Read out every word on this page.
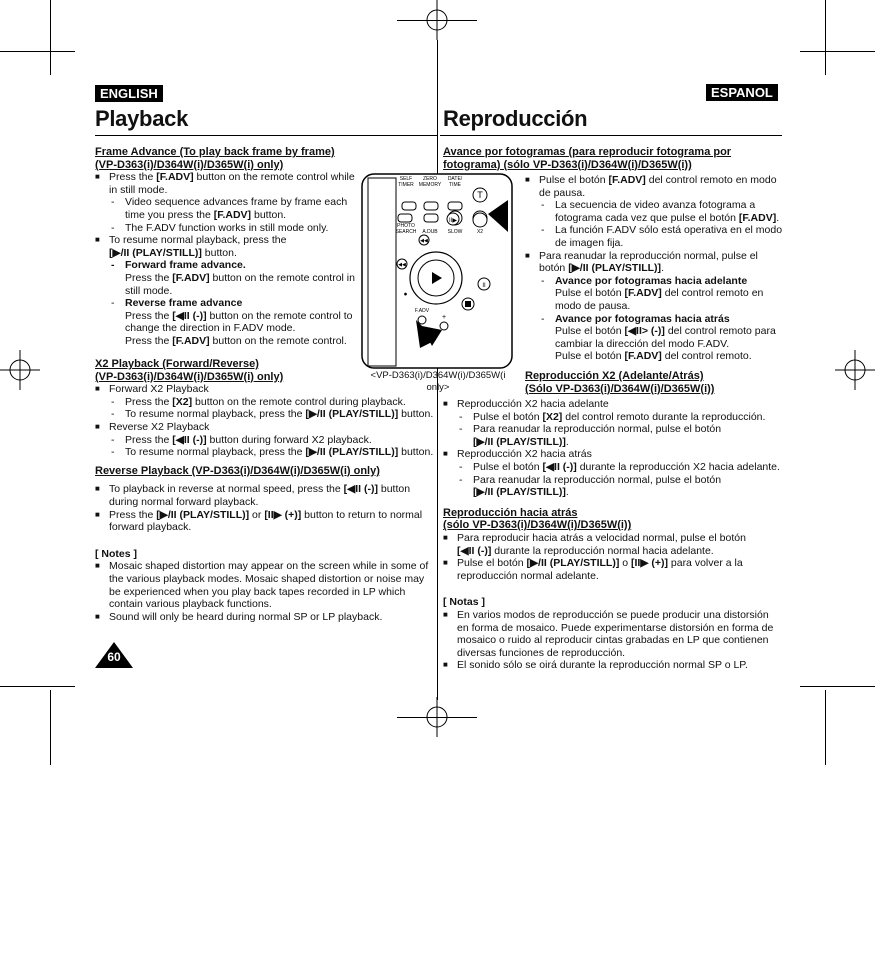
ENGLISH	ESPANOL
Playback	Reproducción
Frame Advance (To play back frame by frame)
(VP-D363(i)/D364W(i)/D365W(i) only)
■ Press the [F.ADV] button on the remote control while in still mode.
- Video sequence advances frame by frame each time you press the [F.ADV] button.
- The F.ADV function works in still mode only.
■ To resume normal playback, press the
[▶/II (PLAY/STILL)] button.
- Forward frame advance.
Press the [F.ADV] button on the remote control in still mode.
- Reverse frame advance
Press the [◀II (-)] button on the remote control to change the direction in F.ADV mode.
Press the [F.ADV] button on the remote control.
T
SELF
TIMER
ZERO
MEMORY
DATE/
TIME
PHOTO
SEARCH A.DUB SLOW	X2
II▶
◀◀
◀◀
II
⏺
F.ADV
+
<VP-D363(i)/D364W(i)/D365W(i only>
X2 Playback (Forward/Reverse)
(VP-D363(i)/D364W(i)/D365W(i) only)
■ Forward X2 Playback
- Press the [X2] button on the remote control during playback.
- To resume normal playback, press the [▶/II (PLAY/STILL)] button.
■ Reverse X2 Playback
- Press the [◀II (-)] button during forward X2 playback.
- To resume normal playback, press the [▶/II (PLAY/STILL)] button.
Reverse Playback (VP-D363(i)/D364W(i)/D365W(i) only)
■ To playback in reverse at normal speed, press the [◀II (-)] button during normal forward playback.
■ Press the [▶/II (PLAY/STILL)] or [II▶ (+)] button to return to normal forward playback.
[ Notes ]
■ Mosaic shaped distortion may appear on the screen while in some of the various playback modes. Mosaic shaped distortion or noise may be experienced when you play back tapes recorded in LP which contain various playback functions.
■ Sound will only be heard during normal SP or LP playback.
60
Avance por fotogramas (para reproducir fotograma por
fotograma) (sólo VP-D363(i)/D364W(i)/D365W(i))
■ Pulse el botón [F.ADV] del control remoto en modo de pausa.
- La secuencia de video avanza fotograma a fotograma cada vez que pulse el botón [F.ADV].
- La función F.ADV sólo está operativa en el modo de imagen fija.
■ Para reanudar la reproducción normal, pulse el botón [▶/II (PLAY/STILL)].
- Avance por fotogramas hacia adelante
Pulse el botón [F.ADV] del control remoto en modo de pausa.
- Avance por fotogramas hacia atrás
Pulse el botón [◀II> (-)] del control remoto para cambiar la dirección del modo F.ADV.
Pulse el botón [F.ADV] del control remoto.
Reproducción X2 (Adelante/Atrás)
(Sólo VP-D363(i)/D364W(i)/D365W(i))
■ Reproducción X2 hacia adelante
- Pulse el botón [X2] del control remoto durante la reproducción.
- Para reanudar la reproducción normal, pulse el botón
[▶/II (PLAY/STILL)].
■ Reproducción X2 hacia atrás
- Pulse el botón [◀II (-)] durante la reproducción X2 hacia adelante.
- Para reanudar la reproducción normal, pulse el botón
[▶/II (PLAY/STILL)].
Reproducción hacia atrás
(sólo VP-D363(i)/D364W(i)/D365W(i))
■ Para reproducir hacia atrás a velocidad normal, pulse el botón
[◀II (-)] durante la reproducción normal hacia adelante.
■ Pulse el botón [▶/II (PLAY/STILL)] o [II▶ (+)] para volver a la reproducción normal adelante.
[ Notas ]
■ En varios modos de reproducción se puede producir una distorsión en forma de mosaico. Puede experimentarse distorsión en forma de mosaico o ruido al reproducir cintas grabadas en LP que contienen diversas funciones de reproducción.
■ El sonido sólo se oirá durante la reproducción normal SP o LP.
